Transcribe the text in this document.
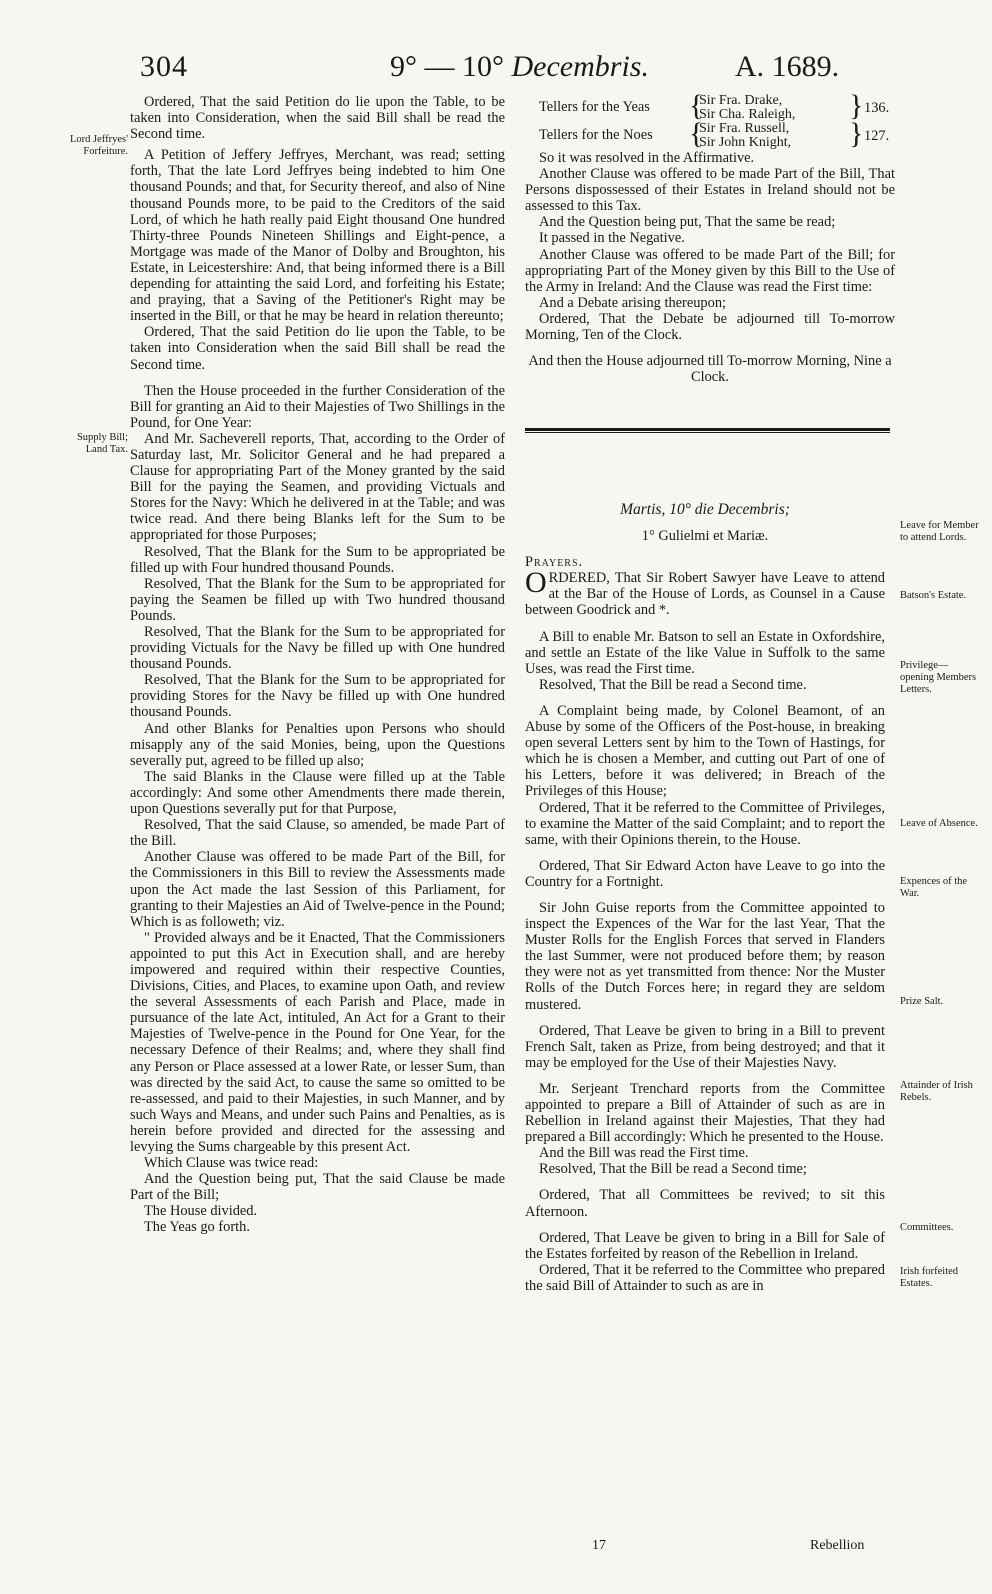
304	9° — 10° Decembris.	A. 1689.
Lord Jeffryes' Forfeiture.
Supply Bill; Land Tax.
Leave for Member to attend Lords.
Batson's Estate.
Privilege—opening Members Letters.
Leave of Absence.
Expences of the War.
Prize Salt.
Attainder of Irish Rebels.
Committees.
Irish forfeited Estates.

Ordered, That the said Petition do lie upon the Table, to be taken into Consideration, when the said Bill shall be read the Second time.

A Petition of Jeffery Jeffryes, Merchant, was read; setting forth, That the late Lord Jeffryes being indebted to him One thousand Pounds; and that, for Security thereof, and also of Nine thousand Pounds more, to be paid to the Creditors of the said Lord, of which he hath really paid Eight thousand One hundred Thirty-three Pounds Nineteen Shillings and Eight-pence, a Mortgage was made of the Manor of Dolby and Broughton, his Estate, in Leicestershire: And, that being informed there is a Bill depending for attainting the said Lord, and forfeiting his Estate; and praying, that a Saving of the Petitioner's Right may be inserted in the Bill, or that he may be heard in relation thereunto;

Ordered, That the said Petition do lie upon the Table, to be taken into Consideration when the said Bill shall be read the Second time.

Then the House proceeded in the further Consideration of the Bill for granting an Aid to their Majesties of Two Shillings in the Pound, for One Year:

And Mr. Sacheverell reports, That, according to the Order of Saturday last, Mr. Solicitor General and he had prepared a Clause for appropriating Part of the Money granted by the said Bill for the paying the Seamen, and providing Victuals and Stores for the Navy: Which he delivered in at the Table; and was twice read. And there being Blanks left for the Sum to be appropriated for those Purposes;

Resolved, That the Blank for the Sum to be appropriated be filled up with Four hundred thousand Pounds.

Resolved, That the Blank for the Sum to be appropriated for paying the Seamen be filled up with Two hundred thousand Pounds.

Resolved, That the Blank for the Sum to be appropriated for providing Victuals for the Navy be filled up with One hundred thousand Pounds.

Resolved, That the Blank for the Sum to be appropriated for providing Stores for the Navy be filled up with One hundred thousand Pounds.

And other Blanks for Penalties upon Persons who should misapply any of the said Monies, being, upon the Questions severally put, agreed to be filled up also;

The said Blanks in the Clause were filled up at the Table accordingly: And some other Amendments there made therein, upon Questions severally put for that Purpose,

Resolved, That the said Clause, so amended, be made Part of the Bill.

Another Clause was offered to be made Part of the Bill, for the Commissioners in this Bill to review the Assessments made upon the Act made the last Session of this Parliament, for granting to their Majesties an Aid of Twelve-pence in the Pound; Which is as followeth; viz.

" Provided always and be it Enacted, That the Commissioners appointed to put this Act in Execution shall, and are hereby impowered and required within their respective Counties, Divisions, Cities, and Places, to examine upon Oath, and review the several Assessments of each Parish and Place, made in pursuance of the late Act, intituled, An Act for a Grant to their Majesties of Twelve-pence in the Pound for One Year, for the necessary Defence of their Realms; and, where they shall find any Person or Place assessed at a lower Rate, or lesser Sum, than was directed by the said Act, to cause the same so omitted to be re-assessed, and paid to their Majesties, in such Manner, and by such Ways and Means, and under such Pains and Penalties, as is herein before provided and directed for the assessing and levying the Sums chargeable by this present Act.

Which Clause was twice read:

And the Question being put, That the said Clause be made Part of the Bill;

The House divided.

The Yeas go forth.

Tellers for the Yeas {
Sir Fra. Drake,
Sir Cha. Raleigh, } 136.
Tellers for the Noes {
Sir Fra. Russell,
Sir John Knight, } 127.

So it was resolved in the Affirmative.

Another Clause was offered to be made Part of the Bill, That Persons dispossessed of their Estates in Ireland should not be assessed to this Tax.

And the Question being put, That the same be read;

It passed in the Negative.

Another Clause was offered to be made Part of the Bill; for appropriating Part of the Money given by this Bill to the Use of the Army in Ireland: And the Clause was read the First time:

And a Debate arising thereupon;

Ordered, That the Debate be adjourned till To-morrow Morning, Ten of the Clock.

And then the House adjourned till To-morrow Morning, Nine a Clock.

Martis, 10° die Decembris;

1° Gulielmi et Mariæ.

Prayers.

ORDERED, That Sir Robert Sawyer have Leave to attend at the Bar of the House of Lords, as Counsel in a Cause between Goodrick and *.

A Bill to enable Mr. Batson to sell an Estate in Oxfordshire, and settle an Estate of the like Value in Suffolk to the same Uses, was read the First time.

Resolved, That the Bill be read a Second time.

A Complaint being made, by Colonel Beamont, of an Abuse by some of the Officers of the Post-house, in breaking open several Letters sent by him to the Town of Hastings, for which he is chosen a Member, and cutting out Part of one of his Letters, before it was delivered; in Breach of the Privileges of this House;

Ordered, That it be referred to the Committee of Privileges, to examine the Matter of the said Complaint; and to report the same, with their Opinions therein, to the House.

Ordered, That Sir Edward Acton have Leave to go into the Country for a Fortnight.

Sir John Guise reports from the Committee appointed to inspect the Expences of the War for the last Year, That the Muster Rolls for the English Forces that served in Flanders the last Summer, were not produced before them; by reason they were not as yet transmitted from thence: Nor the Muster Rolls of the Dutch Forces here; in regard they are seldom mustered.

Ordered, That Leave be given to bring in a Bill to prevent French Salt, taken as Prize, from being destroyed; and that it may be employed for the Use of their Majesties Navy.

Mr. Serjeant Trenchard reports from the Committee appointed to prepare a Bill of Attainder of such as are in Rebellion in Ireland against their Majesties, That they had prepared a Bill accordingly: Which he presented to the House.

And the Bill was read the First time.

Resolved, That the Bill be read a Second time;

Ordered, That all Committees be revived; to sit this Afternoon.

Ordered, That Leave be given to bring in a Bill for Sale of the Estates forfeited by reason of the Rebellion in Ireland.

Ordered, That it be referred to the Committee who prepared the said Bill of Attainder to such as are in

17	Rebellion
